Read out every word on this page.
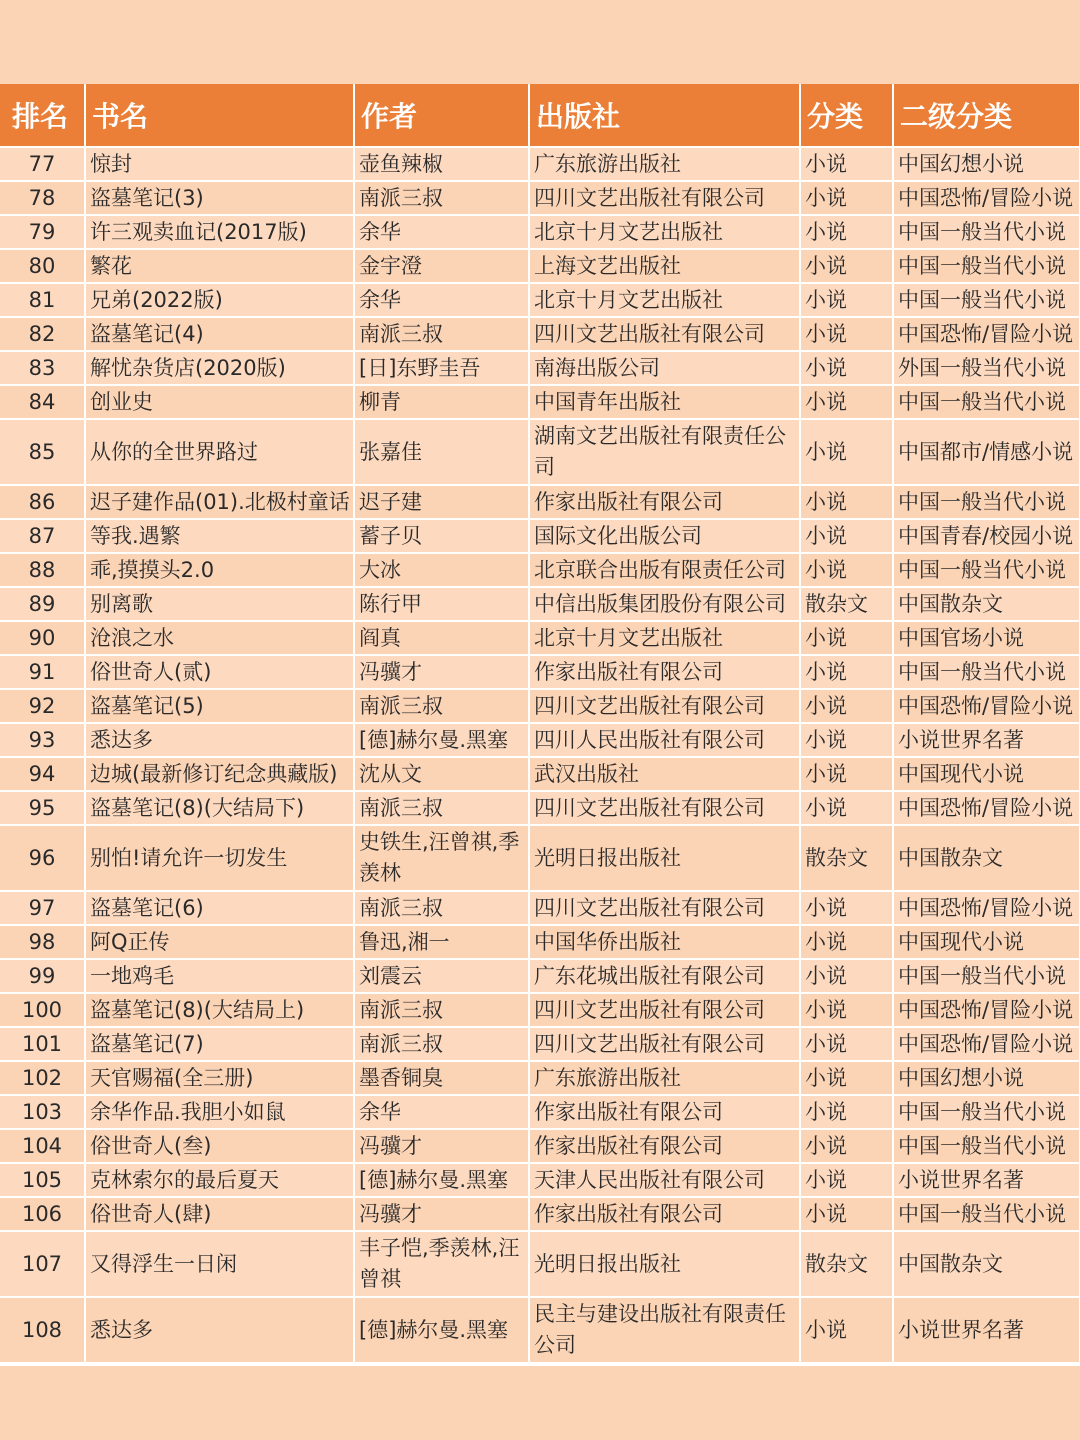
排名	书名	作者	出版社	分类	二级分类
77	惊封	壶鱼辣椒	广东旅游出版社	小说	中国幻想小说
78	盗墓笔记(3)	南派三叔	四川文艺出版社有限公司	小说	中国恐怖/冒险小说
79	许三观卖血记(2017版)	余华	北京十月文艺出版社	小说	中国一般当代小说
80	繁花	金宇澄	上海文艺出版社	小说	中国一般当代小说
81	兄弟(2022版)	余华	北京十月文艺出版社	小说	中国一般当代小说
82	盗墓笔记(4)	南派三叔	四川文艺出版社有限公司	小说	中国恐怖/冒险小说
83	解忧杂货店(2020版)	[日]东野圭吾	南海出版公司	小说	外国一般当代小说
84	创业史	柳青	中国青年出版社	小说	中国一般当代小说
85	从你的全世界路过	张嘉佳	湖南文艺出版社有限责任公司	小说	中国都市/情感小说
86	迟子建作品(01).北极村童话	迟子建	作家出版社有限公司	小说	中国一般当代小说
87	等我.遇繁	蓄子贝	国际文化出版公司	小说	中国青春/校园小说
88	乖,摸摸头2.0	大冰	北京联合出版有限责任公司	小说	中国一般当代小说
89	别离歌	陈行甲	中信出版集团股份有限公司	散杂文	中国散杂文
90	沧浪之水	阎真	北京十月文艺出版社	小说	中国官场小说
91	俗世奇人(贰)	冯骥才	作家出版社有限公司	小说	中国一般当代小说
92	盗墓笔记(5)	南派三叔	四川文艺出版社有限公司	小说	中国恐怖/冒险小说
93	悉达多	[德]赫尔曼.黑塞	四川人民出版社有限公司	小说	小说世界名著
94	边城(最新修订纪念典藏版)	沈从文	武汉出版社	小说	中国现代小说
95	盗墓笔记(8)(大结局下)	南派三叔	四川文艺出版社有限公司	小说	中国恐怖/冒险小说
96	别怕!请允许一切发生	史铁生,汪曾祺,季羡林	光明日报出版社	散杂文	中国散杂文
97	盗墓笔记(6)	南派三叔	四川文艺出版社有限公司	小说	中国恐怖/冒险小说
98	阿Q正传	鲁迅,湘一	中国华侨出版社	小说	中国现代小说
99	一地鸡毛	刘震云	广东花城出版社有限公司	小说	中国一般当代小说
100	盗墓笔记(8)(大结局上)	南派三叔	四川文艺出版社有限公司	小说	中国恐怖/冒险小说
101	盗墓笔记(7)	南派三叔	四川文艺出版社有限公司	小说	中国恐怖/冒险小说
102	天官赐福(全三册)	墨香铜臭	广东旅游出版社	小说	中国幻想小说
103	余华作品.我胆小如鼠	余华	作家出版社有限公司	小说	中国一般当代小说
104	俗世奇人(叁)	冯骥才	作家出版社有限公司	小说	中国一般当代小说
105	克林索尔的最后夏天	[德]赫尔曼.黑塞	天津人民出版社有限公司	小说	小说世界名著
106	俗世奇人(肆)	冯骥才	作家出版社有限公司	小说	中国一般当代小说
107	又得浮生一日闲	丰子恺,季羡林,汪曾祺	光明日报出版社	散杂文	中国散杂文
108	悉达多	[德]赫尔曼.黑塞	民主与建设出版社有限责任公司	小说	小说世界名著
